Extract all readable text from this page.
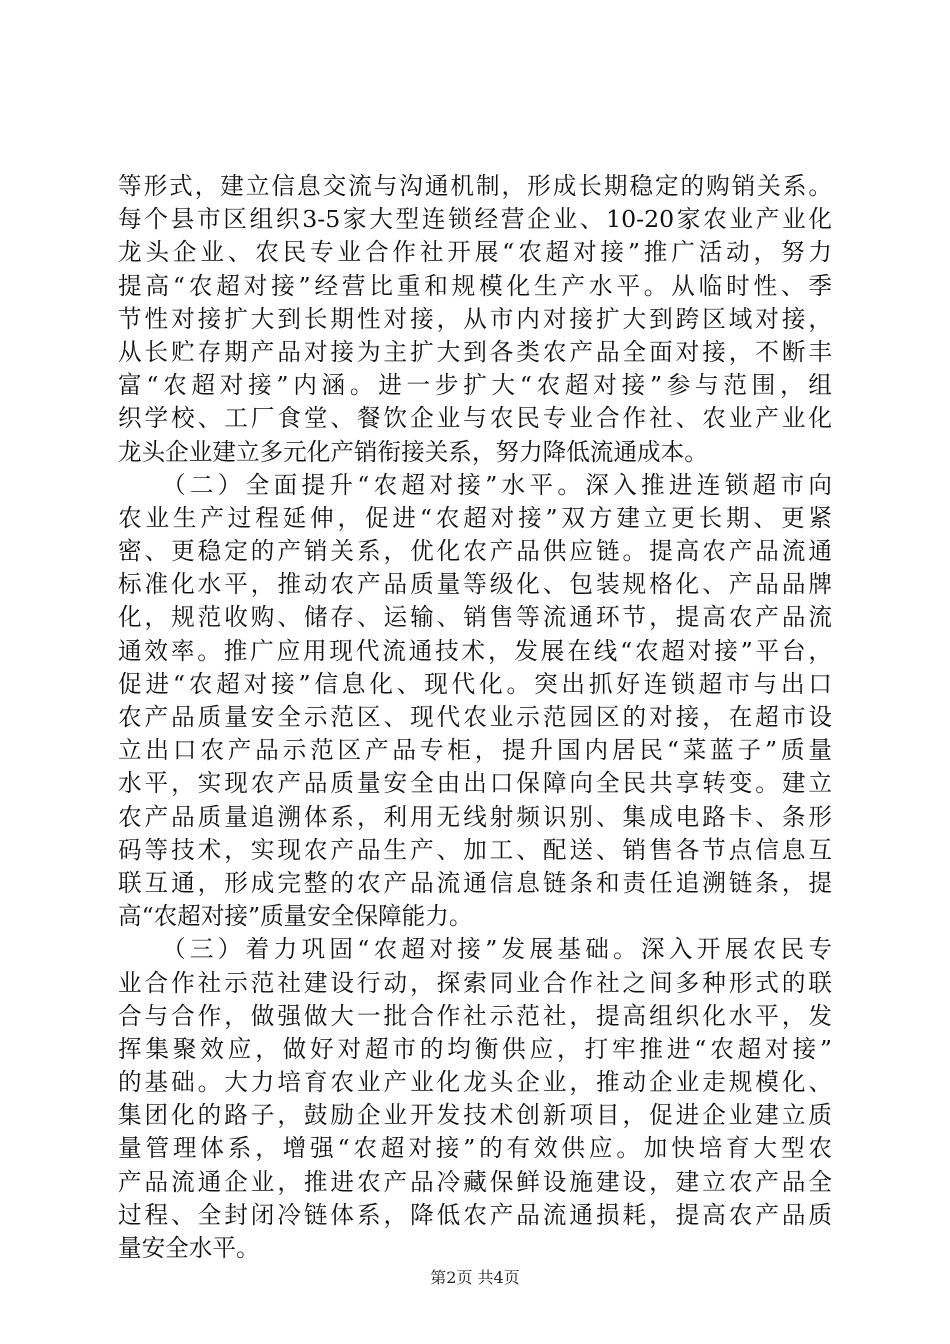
等形式，建立信息交流与沟通机制，形成长期稳定的购销关系。
每个县市区组织3-5家大型连锁经营企业、10-20家农业产业化
龙头企业、农民专业合作社开展“农超对接”推广活动，努力
提高“农超对接”经营比重和规模化生产水平。从临时性、季
节性对接扩大到长期性对接，从市内对接扩大到跨区域对接，
从长贮存期产品对接为主扩大到各类农产品全面对接，不断丰
富“农超对接”内涵。进一步扩大“农超对接”参与范围，组
织学校、工厂食堂、餐饮企业与农民专业合作社、农业产业化
龙头企业建立多元化产销衔接关系，努力降低流通成本。
　　（二）全面提升“农超对接”水平。深入推进连锁超市向
农业生产过程延伸，促进“农超对接”双方建立更长期、更紧
密、更稳定的产销关系，优化农产品供应链。提高农产品流通
标准化水平，推动农产品质量等级化、包装规格化、产品品牌
化，规范收购、储存、运输、销售等流通环节，提高农产品流
通效率。推广应用现代流通技术，发展在线“农超对接”平台，
促进“农超对接”信息化、现代化。突出抓好连锁超市与出口
农产品质量安全示范区、现代农业示范园区的对接，在超市设
立出口农产品示范区产品专柜，提升国内居民“菜蓝子”质量
水平，实现农产品质量安全由出口保障向全民共享转变。建立
农产品质量追溯体系，利用无线射频识别、集成电路卡、条形
码等技术，实现农产品生产、加工、配送、销售各节点信息互
联互通，形成完整的农产品流通信息链条和责任追溯链条，提
高“农超对接”质量安全保障能力。
　　（三）着力巩固“农超对接”发展基础。深入开展农民专
业合作社示范社建设行动，探索同业合作社之间多种形式的联
合与合作，做强做大一批合作社示范社，提高组织化水平，发
挥集聚效应，做好对超市的均衡供应，打牢推进“农超对接”
的基础。大力培育农业产业化龙头企业，推动企业走规模化、
集团化的路子，鼓励企业开发技术创新项目，促进企业建立质
量管理体系，增强“农超对接”的有效供应。加快培育大型农
产品流通企业，推进农产品冷藏保鲜设施建设，建立农产品全
过程、全封闭冷链体系，降低农产品流通损耗，提高农产品质
量安全水平。
第2页 共4页
